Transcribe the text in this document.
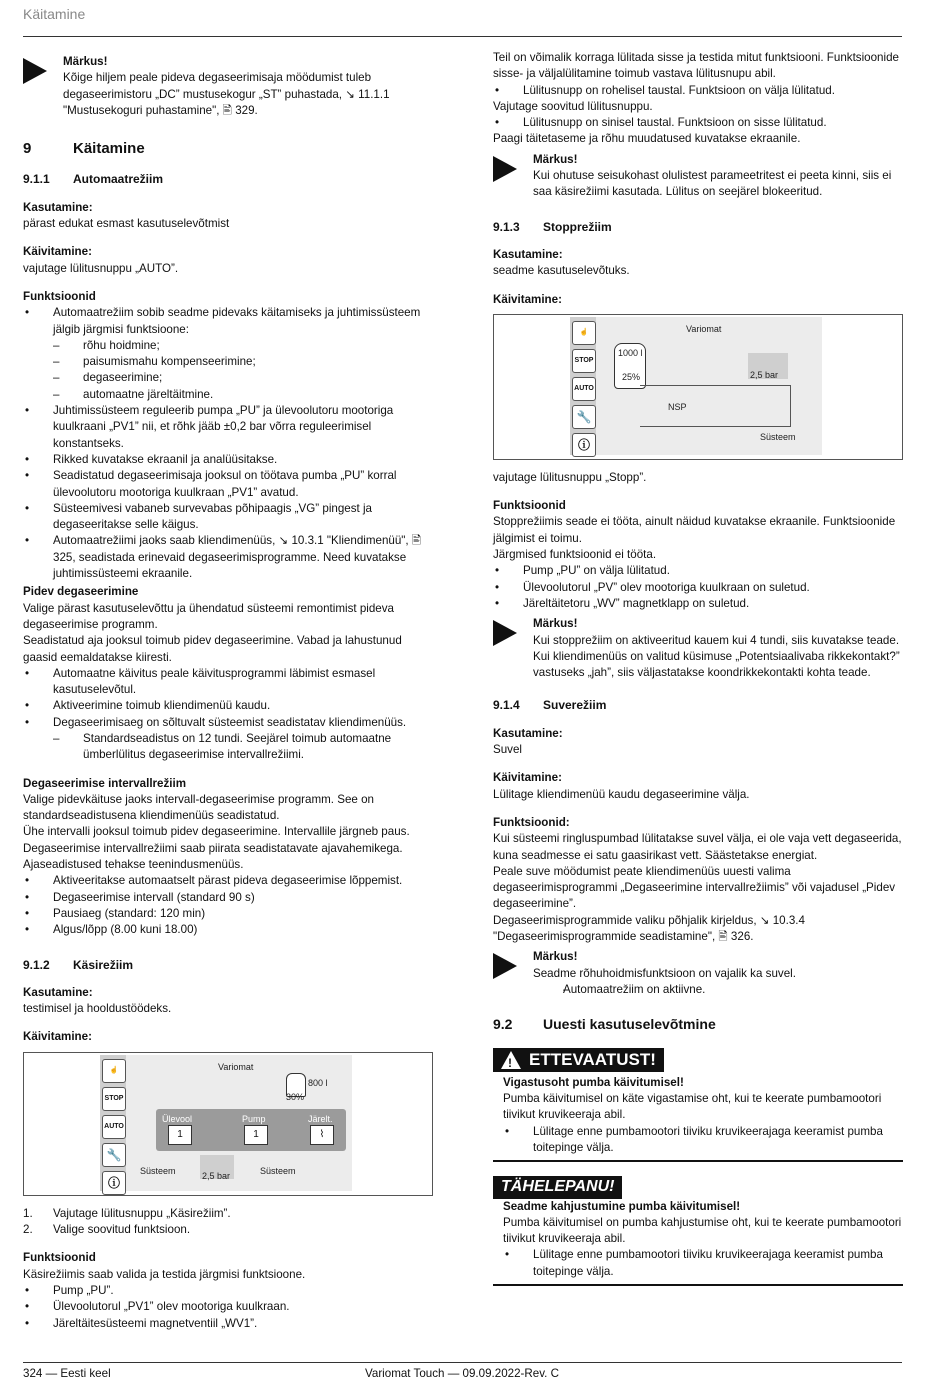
Käitamine

Märkus!

Kõige hiljem peale pideva degaseerimisaja möödumist tuleb degaseerimistoru „DC” mustusekogur „ST” puhastada, ↘ 11.1.1 "Mustusekoguri puhastamine", 🖹 329.

9	Käitamine
9.1.1	Automaatrežiim

Kasutamine:

pärast edukat esmast kasutuselevõtmist

Käivitamine:

vajutage lülitusnuppu „AUTO”.

Funktsioonid

• Automaatrežiim sobib seadme pidevaks käitamiseks ja juhtimissüsteem jälgib järgmisi funktsioone:

– rõhu hoidmine;

– paisumismahu kompenseerimine;

– degaseerimine;

– automaatne järeltäitmine.

• Juhtimissüsteem reguleerib pumpa „PU” ja ülevoolutoru mootoriga kuulkraani „PV1” nii, et rõhk jääb ±0,2 bar võrra reguleerimisel konstantseks.

• Rikked kuvatakse ekraanil ja analüüsitakse.

• Seadistatud degaseerimisaja jooksul on töötava pumba „PU” korral ülevoolutoru mootoriga kuulkraan „PV1” avatud.

• Süsteemivesi vabaneb survevabas põhipaagis „VG” pingest ja degaseeritakse selle käigus.

• Automaatrežiimi jaoks saab kliendimenüüs, ↘ 10.3.1 "Kliendimenüü", 🖹 325, seadistada erinevaid degaseerimisprogramme. Need kuvatakse juhtimissüsteemi ekraanile.

Pidev degaseerimine

Valige pärast kasutuselevõttu ja ühendatud süsteemi remontimist pideva degaseerimise programm.

Seadistatud aja jooksul toimub pidev degaseerimine. Vabad ja lahustunud gaasid eemaldatakse kiiresti.

• Automaatne käivitus peale käivitusprogrammi läbimist esmasel kasutuselevõtul.

• Aktiveerimine toimub kliendimenüü kaudu.

• Degaseerimisaeg on sõltuvalt süsteemist seadistatav kliendimenüüs.

– Standardseadistus on 12 tundi. Seejärel toimub automaatne ümberlülitus degaseerimise intervallrežiimi.

Degaseerimise intervallrežiim

Valige pidevkäituse jaoks intervall-degaseerimise programm. See on standardseadistusena kliendimenüüs seadistatud.

Ühe intervalli jooksul toimub pidev degaseerimine. Intervallile järgneb paus. Degaseerimise intervallrežiimi saab piirata seadistatavate ajavahemikega. Ajaseadistused tehakse teenindusmenüüs.

• Aktiveeritakse automaatselt pärast pideva degaseerimise lõppemist.

• Degaseerimise intervall (standard 90 s)

• Pausiaeg (standard: 120 min)

• Algus/lõpp (8.00 kuni 18.00)

9.1.2	Käsirežiim

Kasutamine:

testimisel ja hooldustöödeks.

Käivitamine:

☝
STOP
AUTO
🔧
ⓘ
Variomat
800 l
30%
Ülevool
1
Pump
1
Järelt.
⌇
Süsteem	2,5 bar	Süsteem

1. Vajutage lülitusnuppu „Käsirežiim”.

2. Valige soovitud funktsioon.

Funktsioonid

Käsirežiimis saab valida ja testida järgmisi funktsioone.

• Pump „PU”.

• Ülevoolutorul „PV1” olev mootoriga kuulkraan.

• Järeltäitesüsteemi magnetventiil „WV1”.

Teil on võimalik korraga lülitada sisse ja testida mitut funktsiooni. Funktsioonide sisse- ja väljalülitamine toimub vastava lülitusnupu abil.

• Lülitusnupp on rohelisel taustal. Funktsioon on välja lülitatud.

Vajutage soovitud lülitusnuppu.

• Lülitusnupp on sinisel taustal. Funktsioon on sisse lülitatud.

Paagi täitetaseme ja rõhu muudatused kuvatakse ekraanile.

Märkus!

Kui ohutuse seisukohast olulistest parameetritest ei peeta kinni, siis ei saa käsirežiimi kasutada. Lülitus on seejärel blokeeritud.

9.1.3	Stopprežiim

Kasutamine:

seadme kasutuselevõtuks.

Käivitamine:

☝
STOP
AUTO
🔧
ⓘ
Variomat
1000 l
25%
NSP
2,5 bar
Süsteem

vajutage lülitusnuppu „Stopp”.

Funktsioonid

Stopprežiimis seade ei tööta, ainult näidud kuvatakse ekraanile. Funktsioonide jälgimist ei toimu.

Järgmised funktsioonid ei tööta.

• Pump „PU” on välja lülitatud.

• Ülevoolutorul „PV” olev mootoriga kuulkraan on suletud.

• Järeltäitetoru „WV” magnetklapp on suletud.

Märkus!

Kui stopprežiim on aktiveeritud kauem kui 4 tundi, siis kuvatakse teade.

Kui kliendimenüüs on valitud küsimuse „Potentsiaalivaba rikkekontakt?” vastuseks „jah”, siis väljastatakse koondrikkekontakti kohta teade.

9.1.4	Suverežiim

Kasutamine:

Suvel

Käivitamine:

Lülitage kliendimenüü kaudu degaseerimine välja.

Funktsioonid:

Kui süsteemi ringluspumbad lülitatakse suvel välja, ei ole vaja vett degaseerida, kuna seadmesse ei satu gaasirikast vett. Säästetakse energiat.

Peale suve möödumist peate kliendimenüüs uuesti valima degaseerimisprogrammi „Degaseerimine intervallrežiimis” või vajadusel „Pidev degaseerimine”.

Degaseerimisprogrammide valiku põhjalik kirjeldus, ↘ 10.3.4 "Degaseerimisprogrammide seadistamine", 🖹 326.

Märkus!

Seadme rõhuhoidmisfunktsioon on vajalik ka suvel.

– Automaatrežiim on aktiivne.

9.2	Uuesti kasutuselevõtmine
! ETTEVAATUST!

Vigastusoht pumba käivitumisel!

Pumba käivitumisel on käte vigastamise oht, kui te keerate pumbamootori tiivikut kruvikeeraja abil.

• Lülitage enne pumbamootori tiiviku kruvikeerajaga keeramist pumba toitepinge välja.

TÄHELEPANU!

Seadme kahjustumine pumba käivitumisel!

Pumba käivitumisel on pumba kahjustumise oht, kui te keerate pumbamootori tiivikut kruvikeeraja abil.

• Lülitage enne pumbamootori tiiviku kruvikeerajaga keeramist pumba toitepinge välja.

324 — Eesti keel	Variomat Touch — 09.09.2022-Rev. C
